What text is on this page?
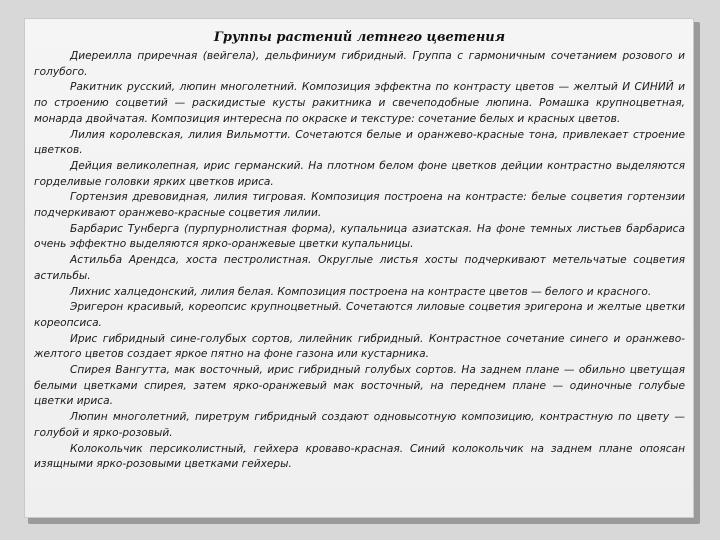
Группы растений летнего цветения

Диереилла приречная (вейгела), дельфиниум гибридный. Группа с гармоничным сочетанием розового и голубого.

Ракитник русский, люпин многолетний. Композиция эффектна по контрасту цветов — желтый И СИНИЙ и по строению соцветий — раскидистые кусты ракитника и свечеподобные люпина. Ромашка крупноцветная, монарда двойчатая. Композиция интересна по окраске и текстуре: сочетание белых и красных цветов.

Лилия королевская, лилия Вильмотти. Сочетаются белые и оранжево-красные тона, привлекает строение цветков.

Дейция великолепная, ирис германский. На плотном белом фоне цветков дейции контрастно выделяются горделивые головки ярких цветков ириса.

Гортензия древовидная, лилия тигровая. Композиция построена на контрасте: белые соцветия гортензии подчеркивают оранжево-красные соцветия лилии.

Барбарис Тунберга (пурпурнолистная форма), купальница азиатская. На фоне темных листьев барбариса очень эффектно выделяются ярко-оранжевые цветки купальницы.

Астильба Арендса, хоста пестролистная. Округлые листья хосты подчеркивают метельчатые соцветия астильбы.

Лихнис халцедонский, лилия белая. Композиция построена на контрасте цветов — белого и красного.

Эригерон красивый, кореопсис крупноцветный. Сочетаются лиловые соцветия эригерона и желтые цветки кореопсиса.

Ирис гибридный сине-голубых сортов, лилейник гибридный. Контрастное сочетание синего и оранжево-желтого цветов создает яркое пятно на фоне газона или кустарника.

Спирея Вангутта, мак восточный, ирис гибридный голубых сортов. На заднем плане — обильно цветущая белыми цветками спирея, затем ярко-оранжевый мак восточный, на переднем плане — одиночные голубые цветки ириса.

Люпин многолетний, пиретрум гибридный создают одновысотную композицию, контрастную по цвету — голубой и ярко-розовый.

Колокольчик персиколистный, гейхера кроваво-красная. Синий колокольчик на заднем плане опоясан изящными ярко-розовыми цветками гейхеры.
